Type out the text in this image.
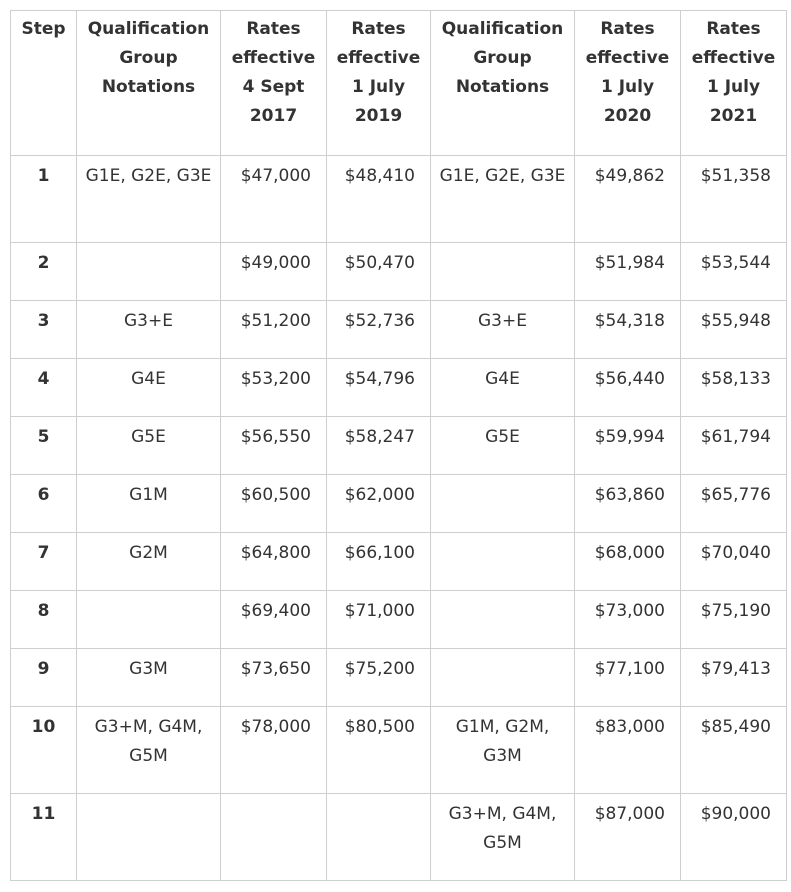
Step	Qualification Group Notations	Rates effective 4 Sept 2017	Rates effective 1 July 2019	Qualification Group Notations	Rates effective 1 July 2020	Rates effective 1 July 2021
1	G1E, G2E, G3E	$47,000	$48,410	G1E, G2E, G3E	$49,862	$51,358
2		$49,000	$50,470		$51,984	$53,544
3	G3+E	$51,200	$52,736	G3+E	$54,318	$55,948
4	G4E	$53,200	$54,796	G4E	$56,440	$58,133
5	G5E	$56,550	$58,247	G5E	$59,994	$61,794
6	G1M	$60,500	$62,000		$63,860	$65,776
7	G2M	$64,800	$66,100		$68,000	$70,040
8		$69,400	$71,000		$73,000	$75,190
9	G3M	$73,650	$75,200		$77,100	$79,413
10	G3+M, G4M, G5M	$78,000	$80,500	G1M, G2M, G3M	$83,000	$85,490
11				G3+M, G4M, G5M	$87,000	$90,000
